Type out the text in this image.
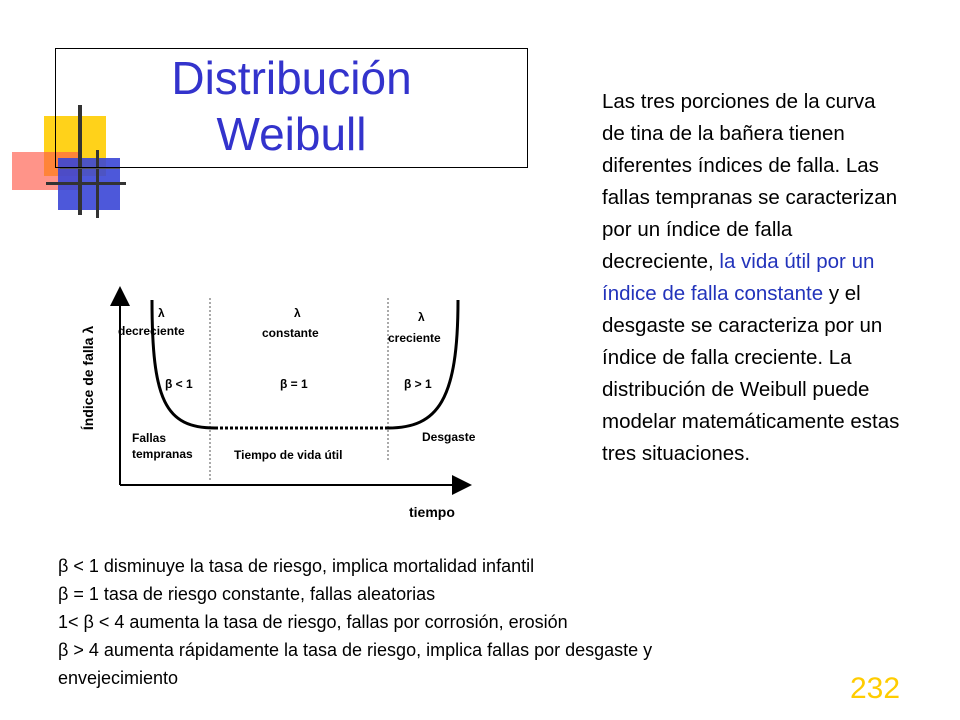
Distribución
Weibull
Las tres porciones de la curva de tina de la bañera tienen diferentes índices de falla. Las fallas tempranas se caracterizan por un índice de falla decreciente, la vida útil por un índice de falla constante y el desgaste se caracteriza por un índice de falla creciente. La distribución de Weibull puede modelar matemáticamente estas tres situaciones.
Índice de falla λ
tiempo
λ
decreciente
β < 1
Fallas
tempranas
λ
constante
β = 1
Tiempo de vida útil
λ
creciente
β > 1
Desgaste
β < 1 disminuye la tasa de riesgo, implica mortalidad infantil
β = 1 tasa de riesgo constante, fallas aleatorias
1< β < 4 aumenta la tasa de riesgo, fallas por corrosión, erosión
β > 4 aumenta rápidamente la tasa de riesgo, implica fallas por desgaste y
envejecimiento	232
